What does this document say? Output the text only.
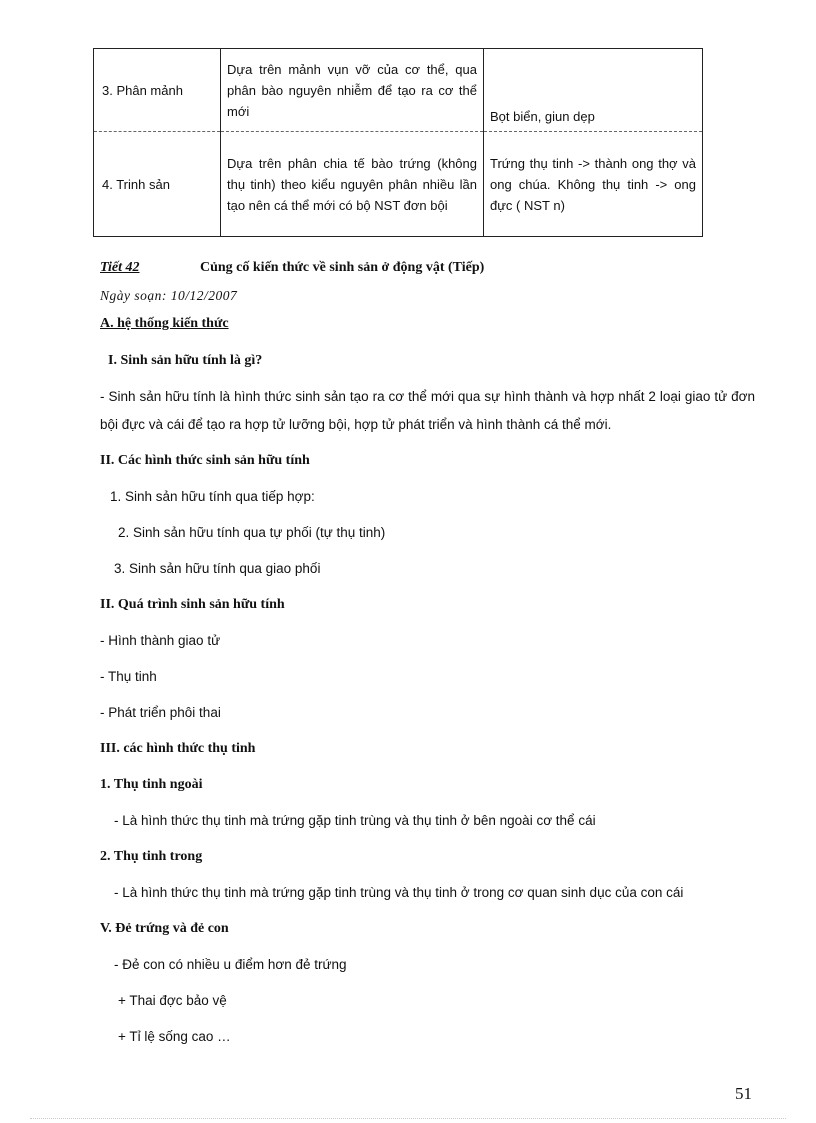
3. Phân mảnh	Dựa trên mảnh vụn vỡ của cơ thể, qua phân bào nguyên nhiễm để tạo ra cơ thể mới	Bọt biển, giun dẹp
4. Trinh sản	Dựa trên phân chia tế bào trứng (không thụ tinh) theo kiểu nguyên phân nhiều lần tạo nên cá thể mới có bộ NST đơn bội	Trứng thụ tinh -> thành ong thợ và ong chúa. Không thụ tinh -> ong đực ( NST n)
Tiết 42	Củng cố kiến thức về sinh sản ở động vật (Tiếp)
Ngày soạn: 10/12/2007
A. hệ thống kiến thức
I. Sinh sản hữu tính là gì?
- Sinh sản hữu tính là hình thức sinh sản tạo ra cơ thể mới qua sự hình thành và hợp nhất 2 loại giao tử đơn bội đực và cái để tạo ra hợp tử lưỡng bội, hợp tử phát triển và hình thành cá thể mới.
II. Các hình thức sinh sản hữu tính
1. Sinh sản hữu tính qua tiếp hợp:
2. Sinh sản hữu tính qua tự phối (tự thụ tinh)
3. Sinh sản hữu tính qua giao phối
II. Quá trình sinh sản hữu tính
- Hình thành giao tử
- Thụ tinh
- Phát triển phôi thai
III. các hình thức thụ tinh
1. Thụ tinh ngoài
- Là hình thức thụ tinh mà trứng gặp tinh trùng và thụ tinh ở bên ngoài cơ thể cái
2. Thụ tinh trong
- Là hình thức thụ tinh mà trứng gặp tinh trùng và thụ tinh ở trong cơ quan sinh dục của con cái
V. Đẻ trứng và đẻ con
- Đẻ con có nhiều u điểm hơn đẻ trứng
+ Thai đợc bảo vệ
+ Tỉ lệ sống cao …
51
